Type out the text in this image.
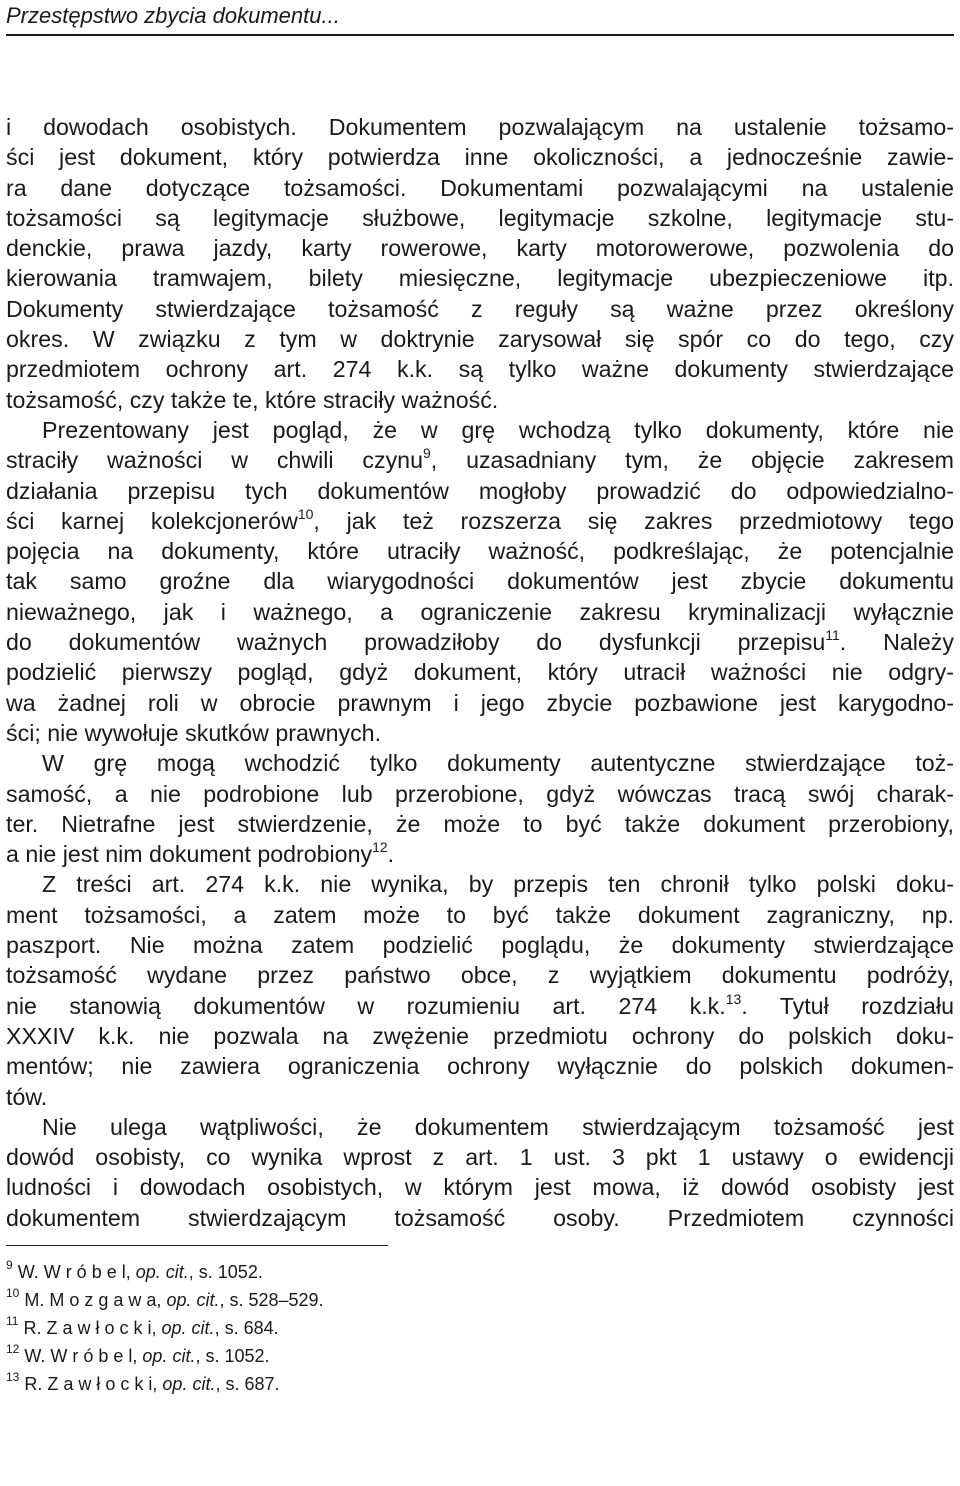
Przestępstwo zbycia dokumentu...
i dowodach osobistych. Dokumentem pozwalającym na ustalenie tożsamo-
ści jest dokument, który potwierdza inne okoliczności, a jednocześnie zawie-
ra dane dotyczące tożsamości. Dokumentami pozwalającymi na ustalenie
tożsamości są legitymacje służbowe, legitymacje szkolne, legitymacje stu-
denckie, prawa jazdy, karty rowerowe, karty motorowerowe, pozwolenia do
kierowania tramwajem, bilety miesięczne, legitymacje ubezpieczeniowe itp.
Dokumenty stwierdzające tożsamość z reguły są ważne przez określony
okres. W związku z tym w doktrynie zarysował się spór co do tego, czy
przedmiotem ochrony art. 274 k.k. są tylko ważne dokumenty stwierdzające
tożsamość, czy także te, które straciły ważność.
Prezentowany jest pogląd, że w grę wchodzą tylko dokumenty, które nie
straciły ważności w chwili czynu$^9$, uzasadniany tym, że objęcie zakresem
działania przepisu tych dokumentów mogłoby prowadzić do odpowiedzialno-
ści karnej kolekcjonerów$^{10}$, jak też rozszerza się zakres przedmiotowy tego
pojęcia na dokumenty, które utraciły ważność, podkreślając, że potencjalnie
tak samo groźne dla wiarygodności dokumentów jest zbycie dokumentu
nieważnego, jak i ważnego, a ograniczenie zakresu kryminalizacji wyłącznie
do dokumentów ważnych prowadziłoby do dysfunkcji przepisu$^{11}$. Należy
podzielić pierwszy pogląd, gdyż dokument, który utracił ważności nie odgry-
wa żadnej roli w obrocie prawnym i jego zbycie pozbawione jest karygodno-
ści; nie wywołuje skutków prawnych.
W grę mogą wchodzić tylko dokumenty autentyczne stwierdzające toż-
samość, a nie podrobione lub przerobione, gdyż wówczas tracą swój charak-
ter. Nietrafne jest stwierdzenie, że może to być także dokument przerobiony,
a nie jest nim dokument podrobiony$^{12}$.
Z treści art. 274 k.k. nie wynika, by przepis ten chronił tylko polski doku-
ment tożsamości, a zatem może to być także dokument zagraniczny, np.
paszport. Nie można zatem podzielić poglądu, że dokumenty stwierdzające
tożsamość wydane przez państwo obce, z wyjątkiem dokumentu podróży,
nie stanowią dokumentów w rozumieniu art. 274 k.k.$^{13}$. Tytuł rozdziału
XXXIV k.k. nie pozwala na zwężenie przedmiotu ochrony do polskich doku-
mentów; nie zawiera ograniczenia ochrony wyłącznie do polskich dokumen-
tów.
Nie ulega wątpliwości, że dokumentem stwierdzającym tożsamość jest
dowód osobisty, co wynika wprost z art. 1 ust. 3 pkt 1 ustawy o ewidencji
ludności i dowodach osobistych, w którym jest mowa, iż dowód osobisty jest
dokumentem stwierdzającym tożsamość osoby. Przedmiotem czynności
$^9$ W. W r ó b e l, op. cit., s. 1052.
$^{10}$ M. M o z g a w a, op. cit., s. 528–529.
$^{11}$ R. Z a w ł o c k i, op. cit., s. 684.
$^{12}$ W. W r ó b e l, op. cit., s. 1052.
$^{13}$ R. Z a w ł o c k i, op. cit., s. 687.
